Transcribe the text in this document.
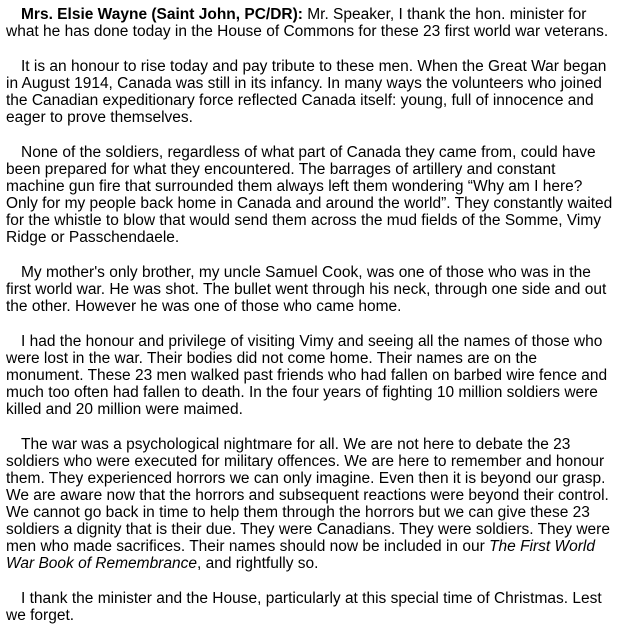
Mrs. Elsie Wayne (Saint John, PC/DR): Mr. Speaker, I thank the hon. minister for what he has done today in the House of Commons for these 23 first world war veterans.

It is an honour to rise today and pay tribute to these men. When the Great War began in August 1914, Canada was still in its infancy. In many ways the volunteers who joined the Canadian expeditionary force reflected Canada itself: young, full of innocence and eager to prove themselves.

None of the soldiers, regardless of what part of Canada they came from, could have been prepared for what they encountered. The barrages of artillery and constant machine gun fire that surrounded them always left them wondering “Why am I here? Only for my people back home in Canada and around the world”. They constantly waited for the whistle to blow that would send them across the mud fields of the Somme, Vimy Ridge or Passchendaele.

My mother's only brother, my uncle Samuel Cook, was one of those who was in the first world war. He was shot. The bullet went through his neck, through one side and out the other. However he was one of those who came home.

I had the honour and privilege of visiting Vimy and seeing all the names of those who were lost in the war. Their bodies did not come home. Their names are on the monument. These 23 men walked past friends who had fallen on barbed wire fence and much too often had fallen to death. In the four years of fighting 10 million soldiers were killed and 20 million were maimed.

The war was a psychological nightmare for all. We are not here to debate the 23 soldiers who were executed for military offences. We are here to remember and honour them. They experienced horrors we can only imagine. Even then it is beyond our grasp. We are aware now that the horrors and subsequent reactions were beyond their control. We cannot go back in time to help them through the horrors but we can give these 23 soldiers a dignity that is their due. They were Canadians. They were soldiers. They were men who made sacrifices. Their names should now be included in our The First World War Book of Remembrance, and rightfully so.

I thank the minister and the House, particularly at this special time of Christmas. Lest we forget.
